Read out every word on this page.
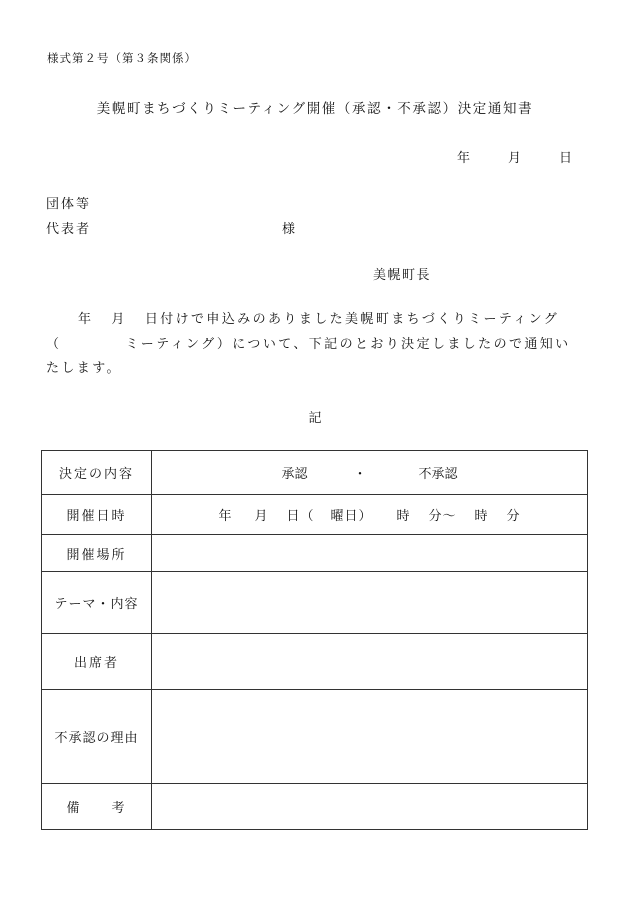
様式第２号（第３条関係）
美幌町まちづくりミーティング開催（承認・不承認）決定通知書
年	月	日
団体等
代表者	様
美幌町長
年 月 日付けで申込みのありました美幌町まちづくりミーティング
（	ミーティング）について、下記のとおり決定しましたので通知い
たします。
記
決定の内容	承認 ・ 不承認
開催日時	年 月 日（ 曜日） 時 分～ 時 分
開催場所	
テーマ・内容	
出席者	
不承認の理由	
備　　考	
